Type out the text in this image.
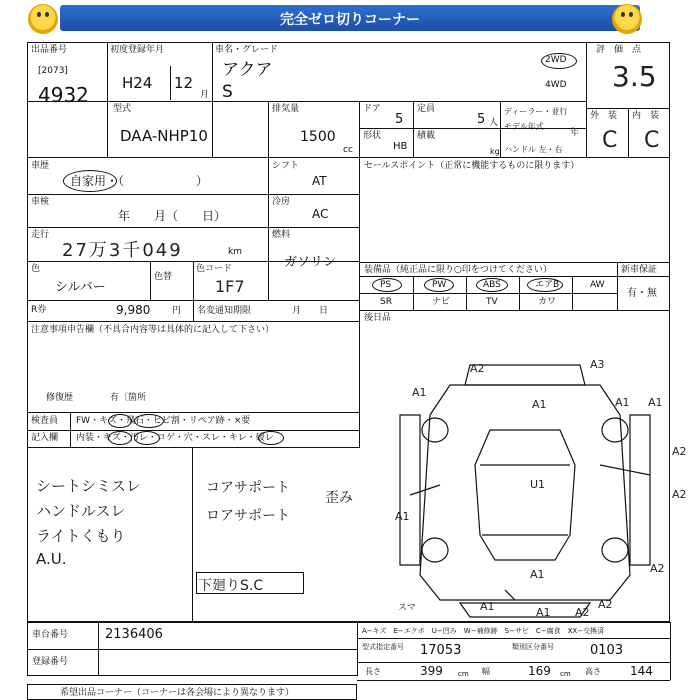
完全ゼロ切りコーナー
出品番号
[2073]
4932
初度登録年月
H24 12
月
車名・グレード
アクア
S
2WD
4WD
評　価　点
3.5
型式
DAA-NHP10
排気量
1500
cc
ドア
5
定員
5 人
ディーラー・並行
モデル年式
年
形状
HB
積載
kg ハンドル 左・右
外　装 内　装
C C
車歴
自家用・（　　　　　　）
シフト
AT
車検
年　　月（　　日）
冷房
AC
走行
27万3千049	km
燃料
ガソリン
色
シルバー
色替
色コード
1F7
R券	9,980 円 名変通知期限	月　　日
セールスポイント（正常に機能するものに限ります）
装備品（純正品に限り○印をつけてください）	新車保証
有・無
PS	PW	ABS	エアB	AW
SR	ナビ	TV	カワ
後日品
注意事項申告欄（不具合内容等は具体的に記入して下さい）
修復歴	有〔箇所
検査員
記入欄
FW・キズ・飛石・ヒビ割・リペア跡・×要
内装・キズ・汚レ・コゲ・穴・スレ・キレ・破レ
シートシミスレ
ハンドルスレ
ライトくもり
A.U.
コアサポート
ロアサポート
歪み
下廻りS.C
A2	A3
A1
A1	A1 A1
A2
A2
U1
A1
A1
A2
A1
A2
A1 A2
スマ
車台番号	2136406
登録番号
A−キズ　E−エクボ　U−凹み　W−補修跡　S−サビ　C−腐食　XX−交換済
型式指定番号 17053	類別区分番号	0103
長さ	399 cm 幅	169 cm 高さ 144
希望出品コーナー（コーナーは各会場により異なります）
